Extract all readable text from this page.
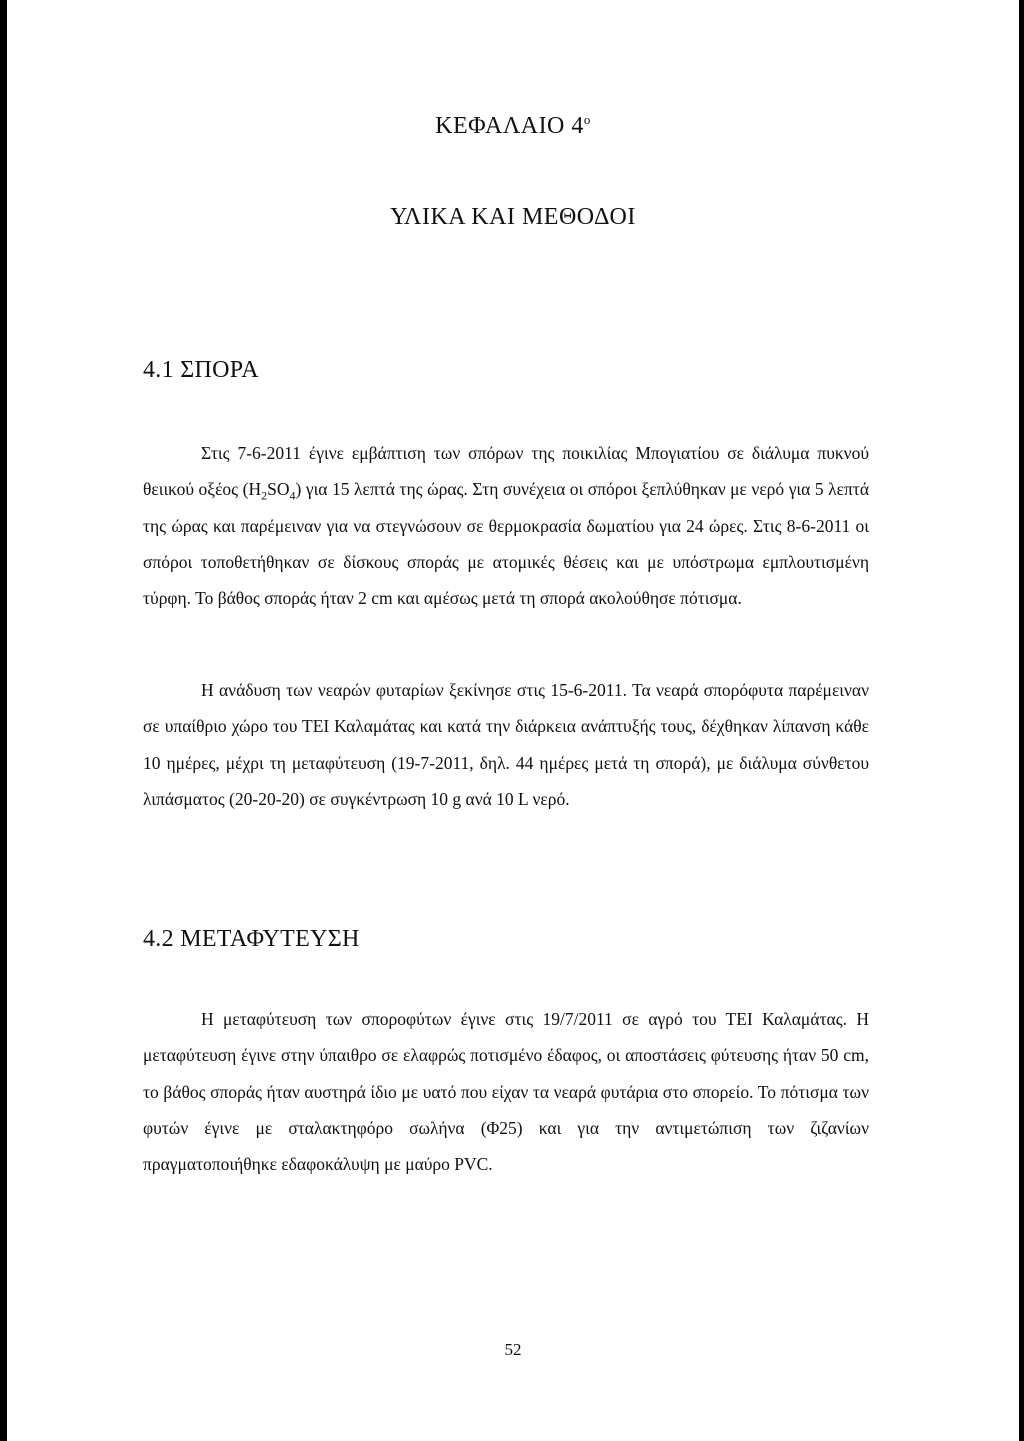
ΚΕΦΑΛΑΙΟ $4^o$
ΥΛΙΚΑ ΚΑΙ ΜΕΘΟΔΟΙ
4.1 ΣΠΟΡΑ
Στις 7-6-2011 έγινε εμβάπτιση των σπόρων της ποικιλίας Μπογιατίου σε διάλυμα πυκνού θειικού οξέος $(H_2SO_4)$ για 15 λεπτά της ώρας. Στη συνέχεια οι σπόροι ξεπλύθηκαν με νερό για 5 λεπτά της ώρας και παρέμειναν για να στεγνώσουν σε θερμοκρασία δωματίου για 24 ώρες. Στις 8-6-2011 οι σπόροι τοποθετήθηκαν σε δίσκους σποράς με ατομικές θέσεις και με υπόστρωμα εμπλουτισμένη τύρφη. Το βάθος σποράς ήταν 2 cm και αμέσως μετά τη σπορά ακολούθησε πότισμα.
Η ανάδυση των νεαρών φυταρίων ξεκίνησε στις 15-6-2011. Τα νεαρά σπορόφυτα παρέμειναν σε υπαίθριο χώρο του ΤΕΙ Καλαμάτας και κατά την διάρκεια ανάπτυξής τους, δέχθηκαν λίπανση κάθε 10 ημέρες, μέχρι τη μεταφύτευση (19-7-2011, δηλ. 44 ημέρες μετά τη σπορά), με διάλυμα σύνθετου λιπάσματος (20-20-20) σε συγκέντρωση 10 g ανά 10 L νερό.
4.2 ΜΕΤΑΦΥΤΕΥΣΗ
Η μεταφύτευση των σποροφύτων έγινε στις 19/7/2011 σε αγρό του ΤΕΙ Καλαμάτας. Η μεταφύτευση έγινε στην ύπαιθρο σε ελαφρώς ποτισμένο έδαφος, οι αποστάσεις φύτευσης ήταν 50 cm, το βάθος σποράς ήταν αυστηρά ίδιο με υατό που είχαν τα νεαρά φυτάρια στο σπορείο. Το πότισμα των φυτών έγινε με σταλακτηφόρο σωλήνα (Φ25) και για την αντιμετώπιση των ζιζανίων πραγματοποιήθηκε εδαφοκάλυψη με μαύρο PVC.
52
